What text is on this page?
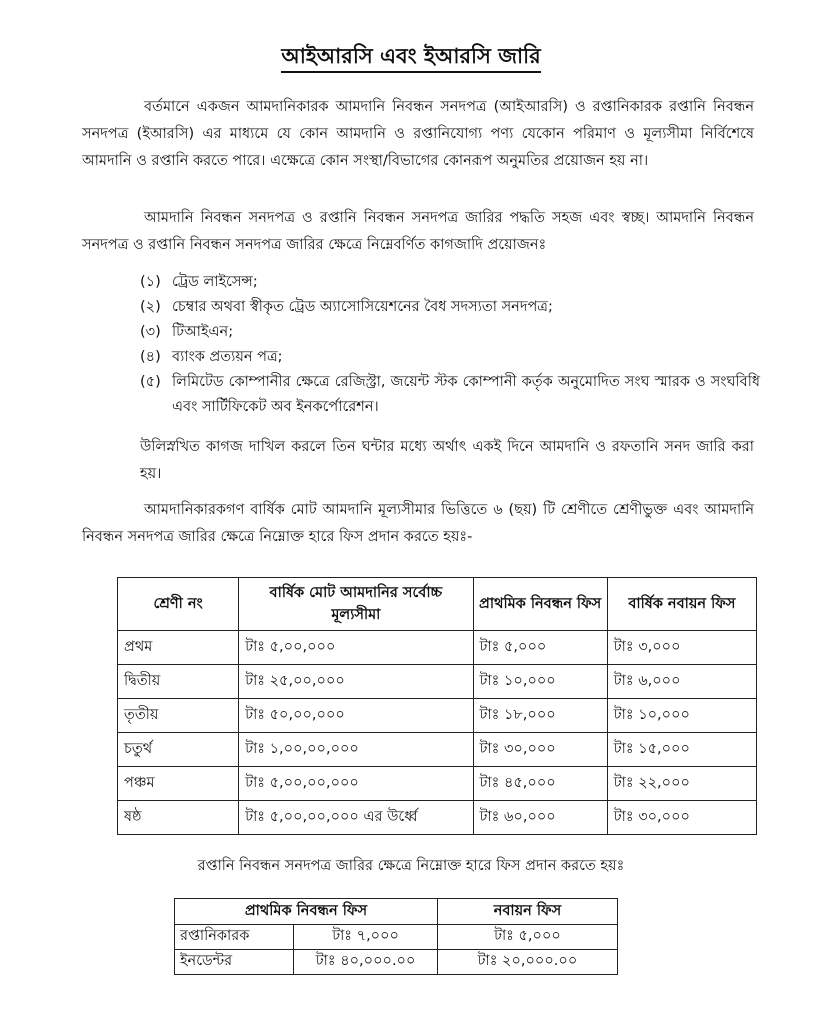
আইআরসি এবং ইআরসি জারি

বর্তমানে একজন আমদানিকারক আমদানি নিবন্ধন সনদপত্র (আইআরসি) ও রপ্তানিকারক রপ্তানি নিবন্ধন সনদপত্র (ইআরসি) এর মাধ্যমে যে কোন আমদানি ও রপ্তানিযোগ্য পণ্য যেকোন পরিমাণ ও মূল্যসীমা নির্বিশেষে আমদানি ও রপ্তানি করতে পারে। এক্ষেত্রে কোন সংস্থা/বিভাগের কোনরূপ অনুমতির প্রয়োজন হয় না।

আমদানি নিবন্ধন সনদপত্র ও রপ্তানি নিবন্ধন সনদপত্র জারির পদ্ধতি সহজ এবং স্বচ্ছ। আমদানি নিবন্ধন সনদপত্র ও রপ্তানি নিবন্ধন সনদপত্র জারির ক্ষেত্রে নিম্নেবর্ণিত কাগজাদি প্রয়োজনঃ

(১) ট্রেড লাইসেন্স;
(২) চেম্বার অথবা স্বীকৃত ট্রেড অ্যাসোসিয়েশনের বৈধ সদস্যতা সনদপত্র;
(৩) টিআইএন;
(৪) ব্যাংক প্রত্যয়ন পত্র;
(৫) লিমিটেড কোম্পানীর ক্ষেত্রে রেজিস্ট্রা, জয়েন্ট স্টক কোম্পানী কর্তৃক অনুমোদিত সংঘ স্মারক ও সংঘবিধি এবং সার্টিফিকেট অব ইনকর্পোরেশন।

উলিস্নখিত কাগজ দাখিল করলে তিন ঘন্টার মধ্যে অর্থাৎ একই দিনে আমদানি ও রফতানি সনদ জারি করা হয়।

আমদানিকারকগণ বার্ষিক মোট আমদানি মূল্যসীমার ভিত্তিতে ৬ (ছয়) টি শ্রেণীতে শ্রেণীভুক্ত এবং আমদানি নিবন্ধন সনদপত্র জারির ক্ষেত্রে নিম্নোক্ত হারে ফিস প্রদান করতে হয়ঃ-

শ্রেণী নং	বার্ষিক মোট আমদানির সর্বোচ্চ মূল্যসীমা	প্রাথমিক নিবন্ধন ফিস	বার্ষিক নবায়ন ফিস
প্রথম	টাঃ ৫,০০,০০০	টাঃ ৫,০০০	টাঃ ৩,০০০
দ্বিতীয়	টাঃ ২৫,০০,০০০	টাঃ ১০,০০০	টাঃ ৬,০০০
তৃতীয়	টাঃ ৫০,০০,০০০	টাঃ ১৮,০০০	টাঃ ১০,০০০
চতুর্থ	টাঃ ১,০০,০০,০০০	টাঃ ৩০,০০০	টাঃ ১৫,০০০
পঞ্চম	টাঃ ৫,০০,০০,০০০	টাঃ ৪৫,০০০	টাঃ ২২,০০০
ষষ্ঠ	টাঃ ৫,০০,০০,০০০ এর উর্ধ্বে	টাঃ ৬০,০০০	টাঃ ৩০,০০০
রপ্তানি নিবন্ধন সনদপত্র জারির ক্ষেত্রে নিম্নোক্ত হারে ফিস প্রদান করতে হয়ঃ
প্রাথমিক নিবন্ধন ফিস		নবায়ন ফিস
রপ্তানিকারক	টাঃ ৭,০০০	টাঃ ৫,০০০
ইনডেন্টর	টাঃ ৪০,০০০.০০	টাঃ ২০,০০০.০০
